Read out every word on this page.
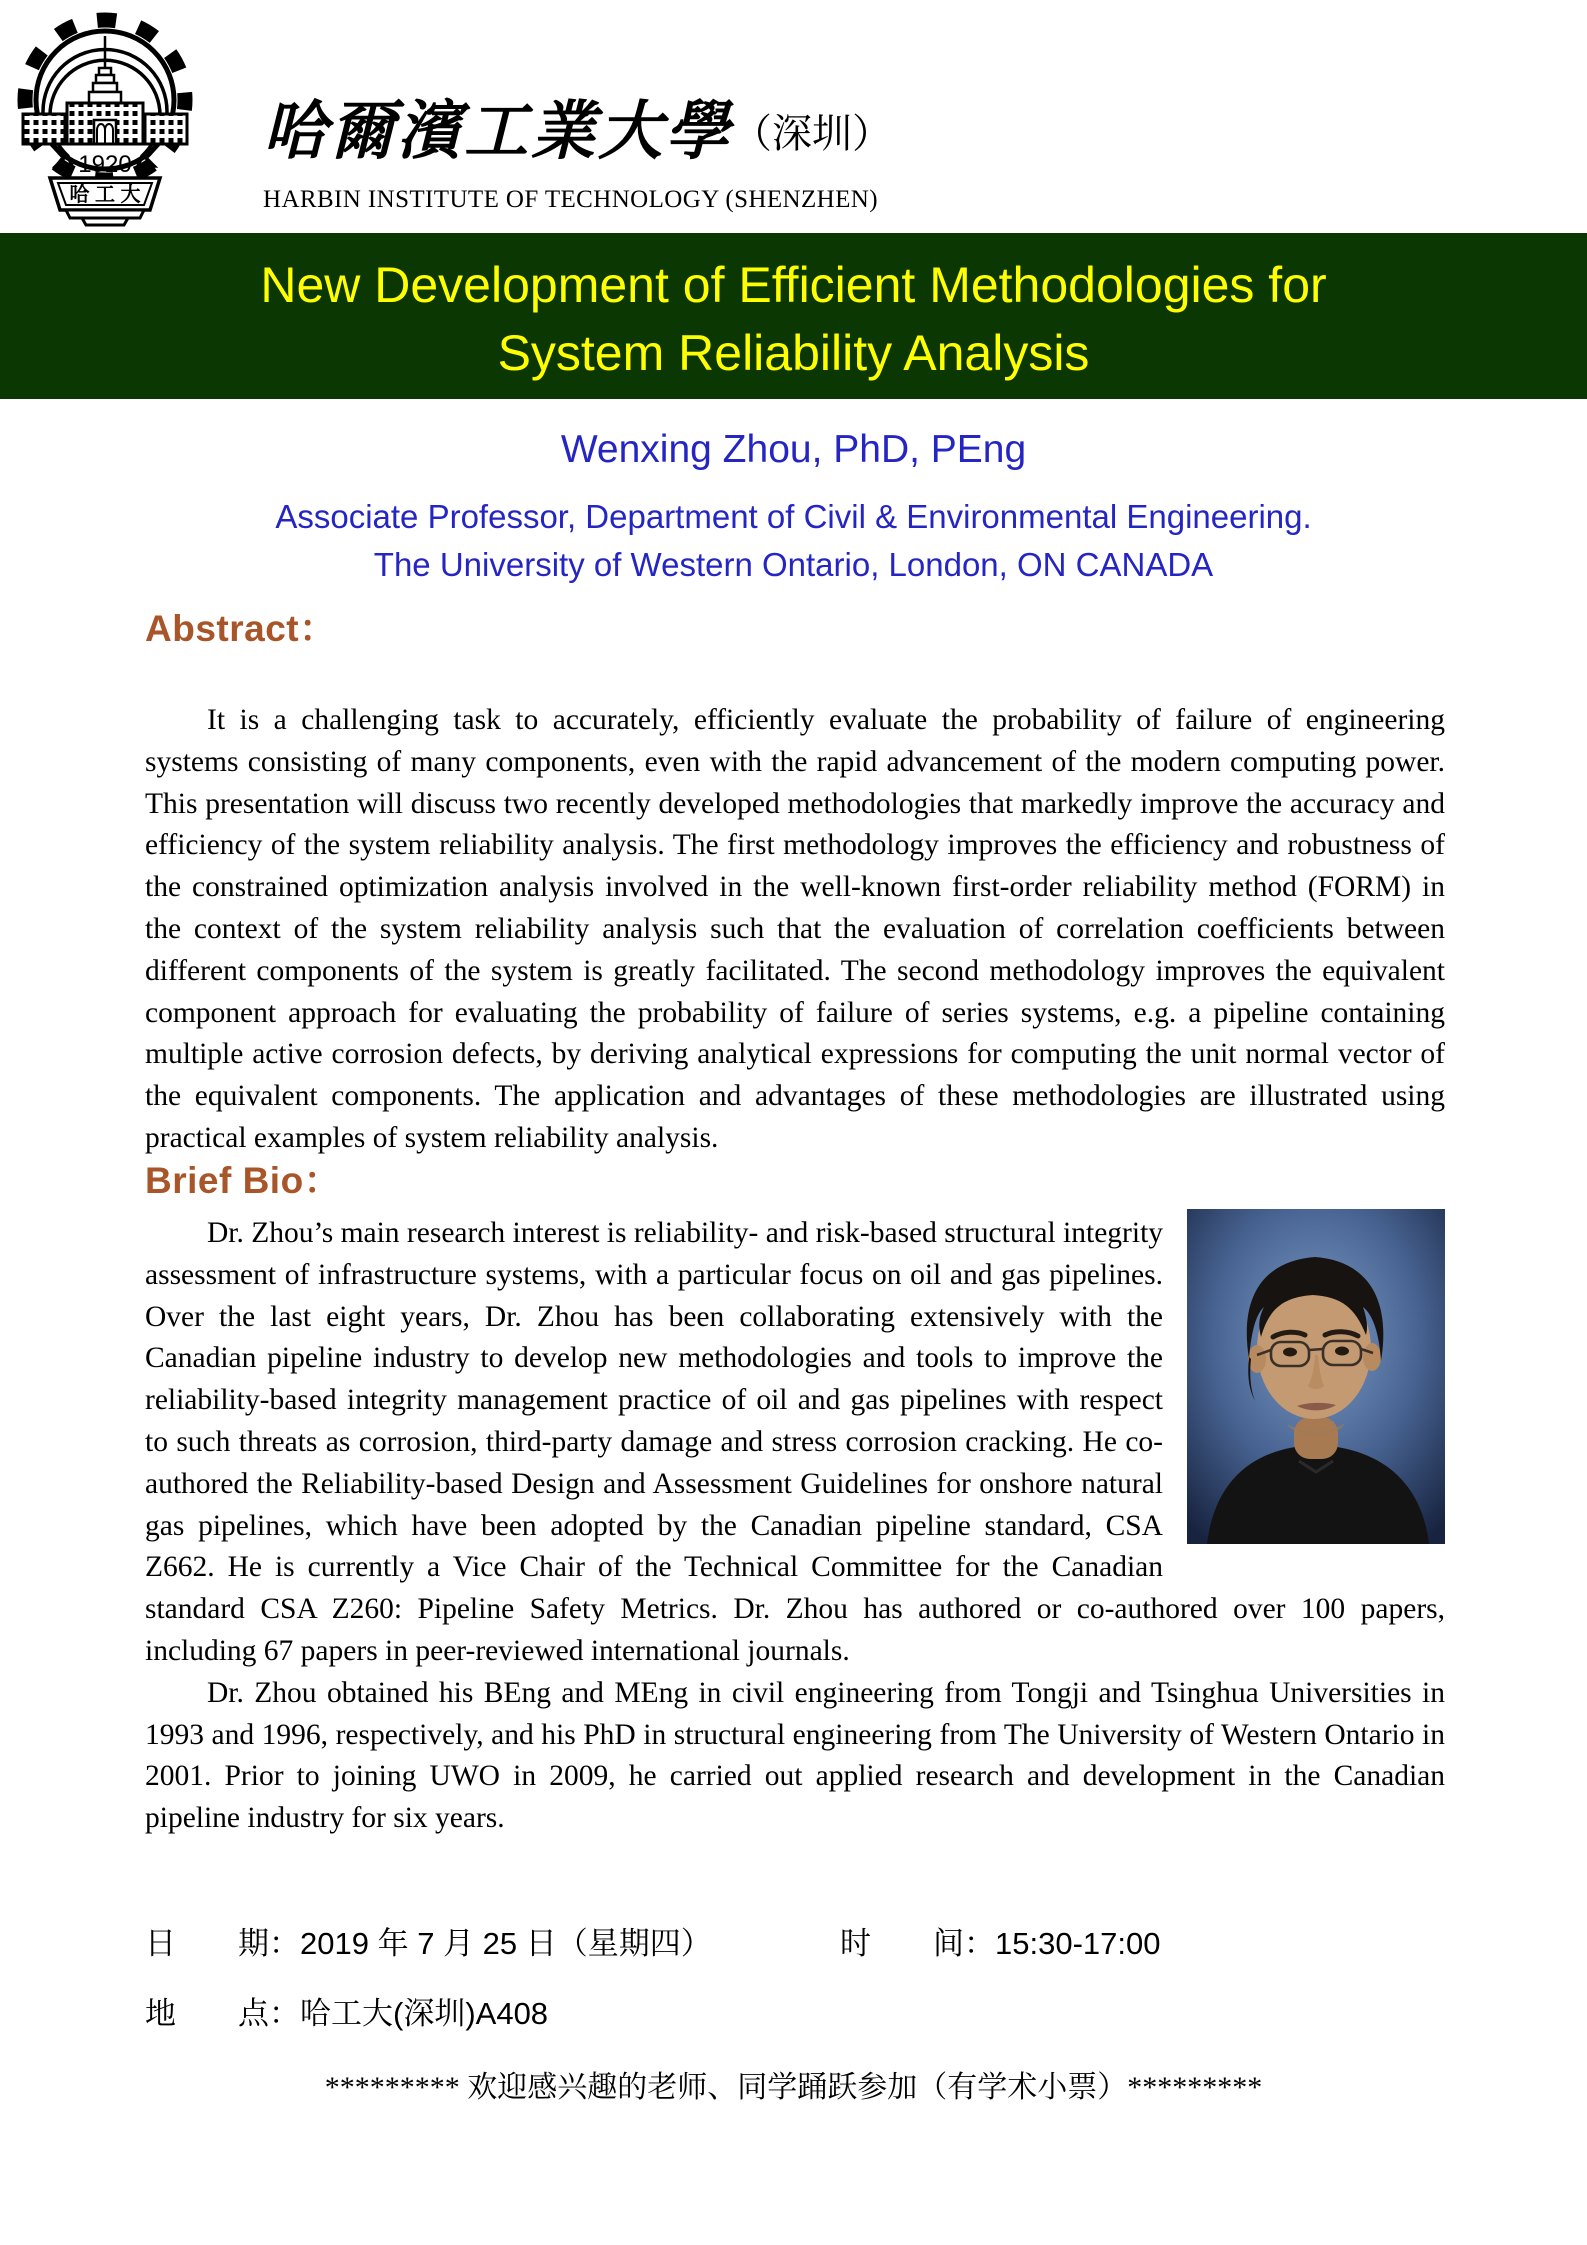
1920
哈 工 大
哈爾濱工業大學（深圳）
HARBIN INSTITUTE OF TECHNOLOGY (SHENZHEN)
New Development of Efficient Methodologies for
System Reliability Analysis
Wenxing Zhou, PhD, PEng
Associate Professor, Department of Civil & Environmental Engineering.
The University of Western Ontario, London, ON CANADA
Abstract：
It is a challenging task to accurately, efficiently evaluate the probability of failure of engineering systems consisting of many components, even with the rapid advancement of the modern computing power. This presentation will discuss two recently developed methodologies that markedly improve the accuracy and efficiency of the system reliability analysis. The first methodology improves the efficiency and robustness of the constrained optimization analysis involved in the well-known first-order reliability method (FORM) in the context of the system reliability analysis such that the evaluation of correlation coefficients between different components of the system is greatly facilitated. The second methodology improves the equivalent component approach for evaluating the probability of failure of series systems, e.g. a pipeline containing multiple active corrosion defects, by deriving analytical expressions for computing the unit normal vector of the equivalent components. The application and advantages of these methodologies are illustrated using practical examples of system reliability analysis.
Brief Bio：

Dr. Zhou’s main research interest is reliability- and risk-based structural integrity assessment of infrastructure systems, with a particular focus on oil and gas pipelines. Over the last eight years, Dr. Zhou has been collaborating extensively with the Canadian pipeline industry to develop new methodologies and tools to improve the reliability-based integrity management practice of oil and gas pipelines with respect to such threats as corrosion, third-party damage and stress corrosion cracking. He co-authored the Reliability-based Design and Assessment Guidelines for onshore natural gas pipelines, which have been adopted by the Canadian pipeline standard, CSA Z662. He is currently a Vice Chair of the Technical Committee for the Canadian standard CSA Z260: Pipeline Safety Metrics. Dr. Zhou has authored or co-authored over 100 papers, including 67 papers in peer-reviewed international journals.

Dr. Zhou obtained his BEng and MEng in civil engineering from Tongji and Tsinghua Universities in 1993 and 1996, respectively, and his PhD in structural engineering from The University of Western Ontario in 2001. Prior to joining UWO in 2009, he carried out applied research and development in the Canadian pipeline industry for six years.

日　　期：2019 年 7 月 25 日（星期四）	时　　间：15:30-17:00
地　　点：哈工大(深圳)A408
********* 欢迎感兴趣的老师、同学踊跃参加（有学术小票）*********
